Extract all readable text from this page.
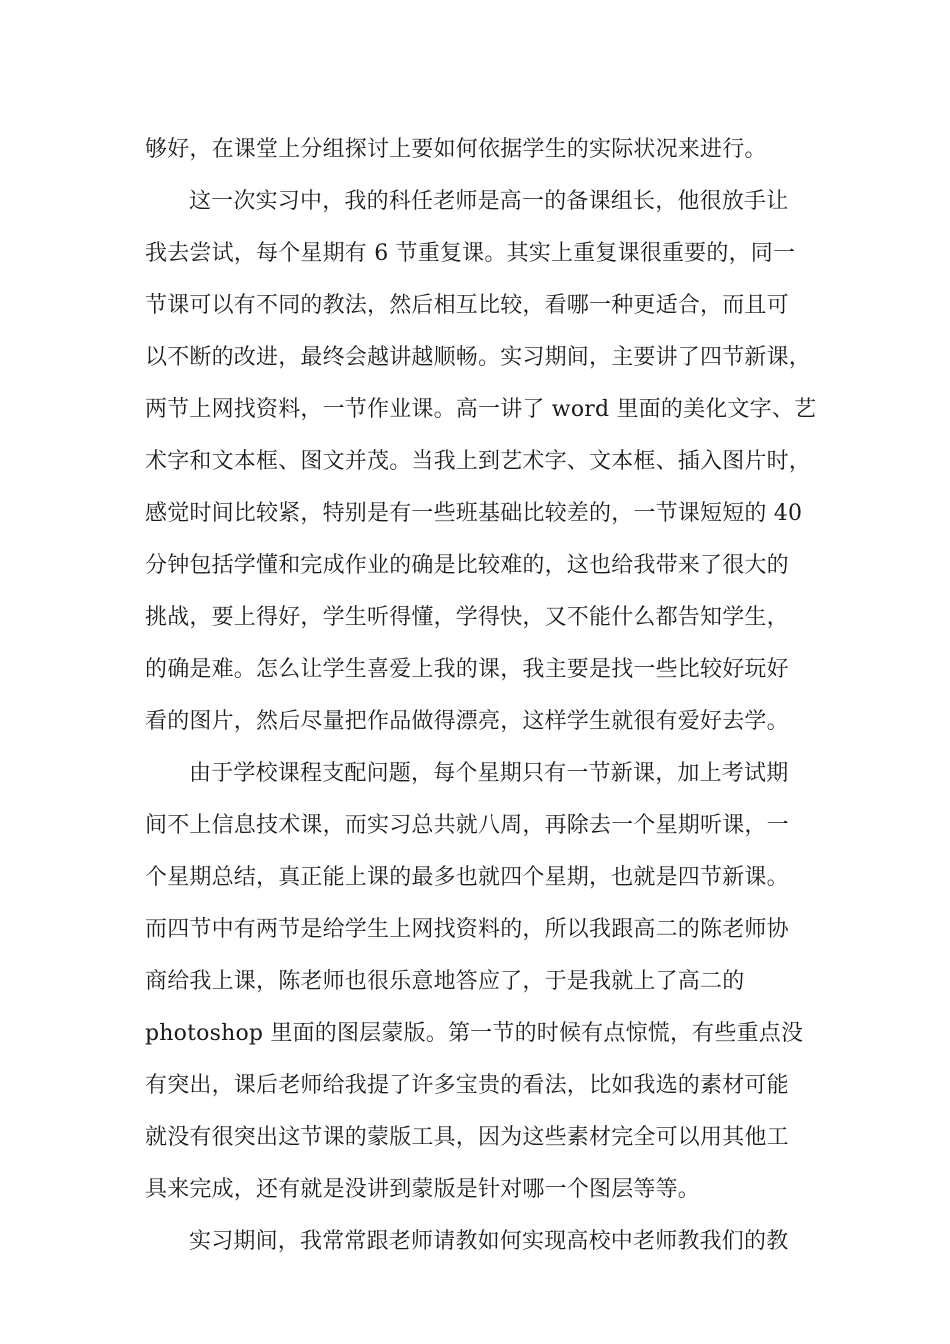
够好，在课堂上分组探讨上要如何依据学生的实际状况来进行。
这一次实习中，我的科任老师是高一的备课组长，他很放手让
我去尝试，每个星期有 6 节重复课。其实上重复课很重要的，同一
节课可以有不同的教法，然后相互比较，看哪一种更适合，而且可
以不断的改进，最终会越讲越顺畅。实习期间，主要讲了四节新课，
两节上网找资料，一节作业课。高一讲了 word 里面的美化文字、艺
术字和文本框、图文并茂。当我上到艺术字、文本框、插入图片时，
感觉时间比较紧，特别是有一些班基础比较差的，一节课短短的 40
分钟包括学懂和完成作业的确是比较难的，这也给我带来了很大的
挑战，要上得好，学生听得懂，学得快，又不能什么都告知学生，
的确是难。怎么让学生喜爱上我的课，我主要是找一些比较好玩好
看的图片，然后尽量把作品做得漂亮，这样学生就很有爱好去学。
由于学校课程支配问题，每个星期只有一节新课，加上考试期
间不上信息技术课，而实习总共就八周，再除去一个星期听课，一
个星期总结，真正能上课的最多也就四个星期，也就是四节新课。
而四节中有两节是给学生上网找资料的，所以我跟高二的陈老师协
商给我上课，陈老师也很乐意地答应了，于是我就上了高二的
photoshop 里面的图层蒙版。第一节的时候有点惊慌，有些重点没
有突出，课后老师给我提了许多宝贵的看法，比如我选的素材可能
就没有很突出这节课的蒙版工具，因为这些素材完全可以用其他工
具来完成，还有就是没讲到蒙版是针对哪一个图层等等。
实习期间，我常常跟老师请教如何实现高校中老师教我们的教
